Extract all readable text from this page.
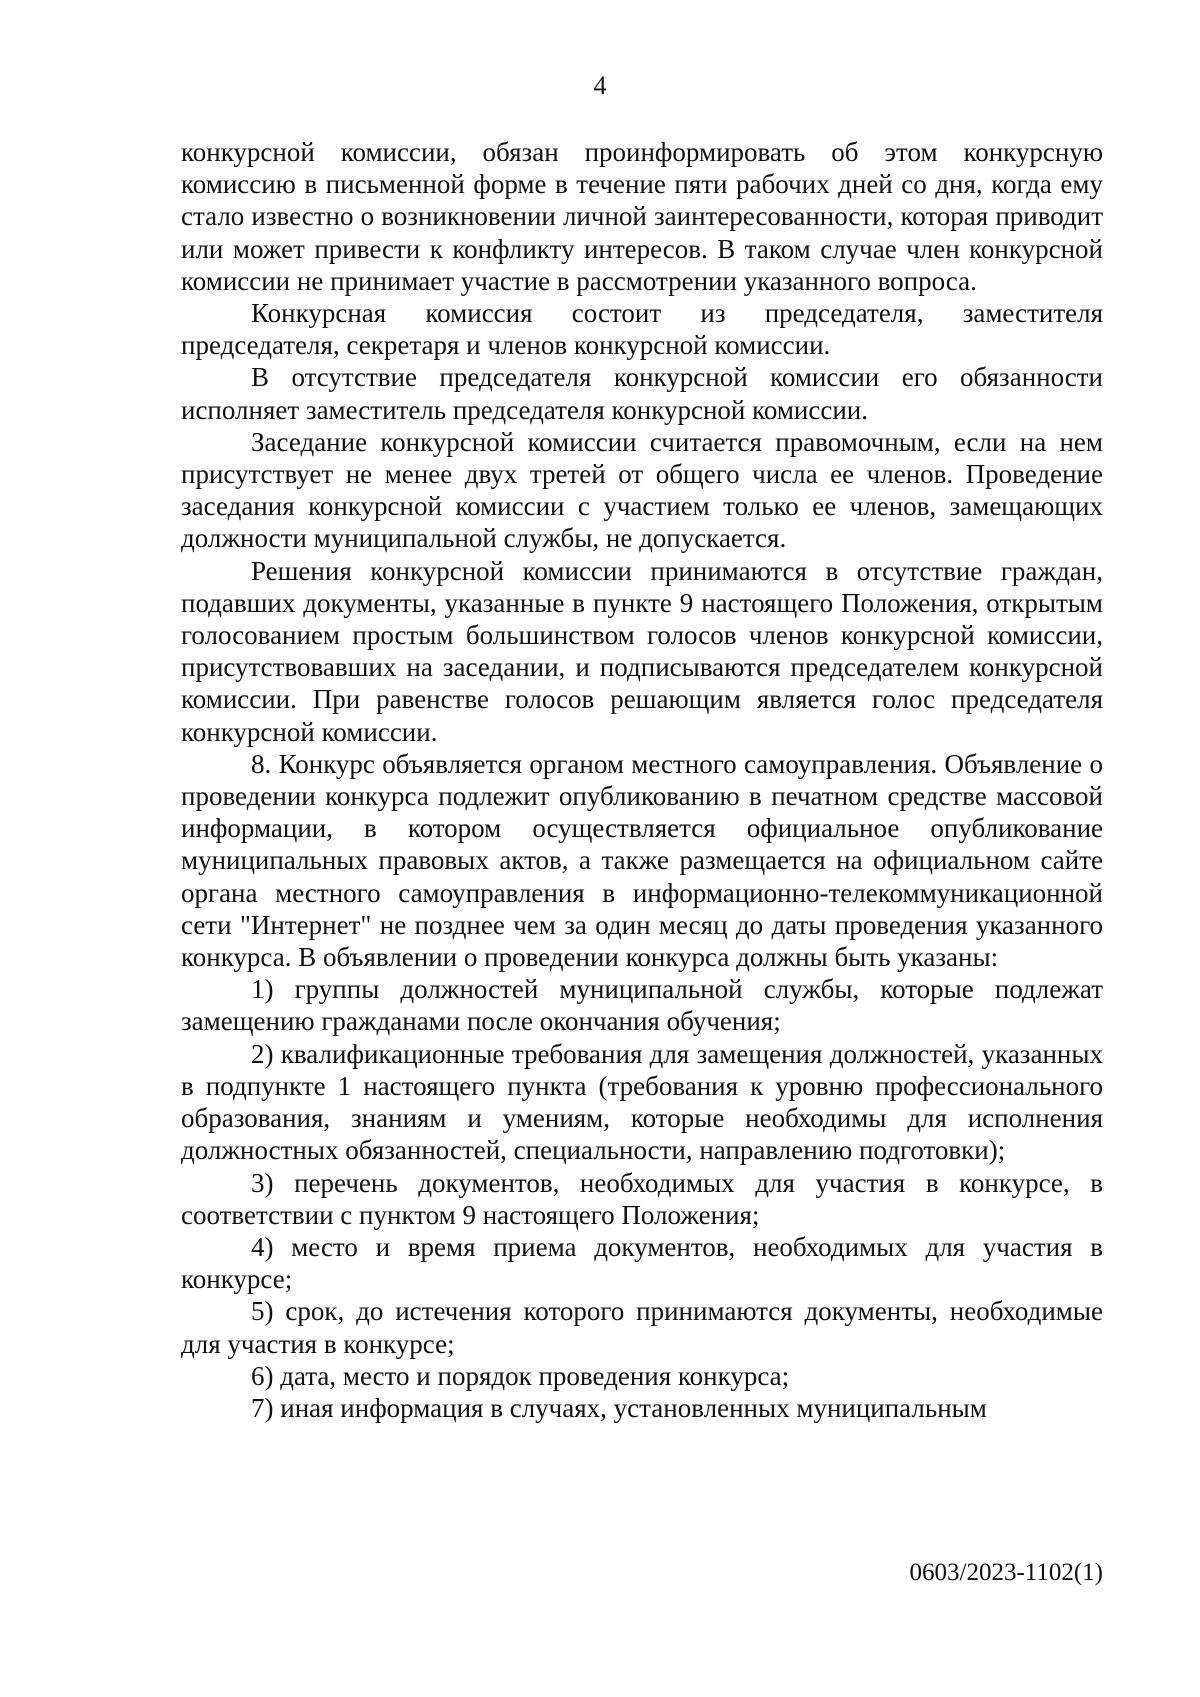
4

конкурсной комиссии, обязан проинформировать об этом конкурсную комиссию в письменной форме в течение пяти рабочих дней со дня, когда ему стало известно о возникновении личной заинтересованности, которая приводит или может привести к конфликту интересов. В таком случае член конкурсной комиссии не принимает участие в рассмотрении указанного вопроса.

Конкурсная комиссия состоит из председателя, заместителя председателя, секретаря и членов конкурсной комиссии.

В отсутствие председателя конкурсной комиссии его обязанности исполняет заместитель председателя конкурсной комиссии.

Заседание конкурсной комиссии считается правомочным, если на нем присутствует не менее двух третей от общего числа ее членов. Проведение заседания конкурсной комиссии с участием только ее членов, замещающих должности муниципальной службы, не допускается.

Решения конкурсной комиссии принимаются в отсутствие граждан, подавших документы, указанные в пункте 9 настоящего Положения, открытым голосованием простым большинством голосов членов конкурсной комиссии, присутствовавших на заседании, и подписываются председателем конкурсной комиссии. При равенстве голосов решающим является голос председателя конкурсной комиссии.

8. Конкурс объявляется органом местного самоуправления. Объявление о проведении конкурса подлежит опубликованию в печатном средстве массовой информации, в котором осуществляется официальное опубликование муниципальных правовых актов, а также размещается на официальном сайте органа местного самоуправления в информационно-телекоммуникационной сети "Интернет" не позднее чем за один месяц до даты проведения указанного конкурса. В объявлении о проведении конкурса должны быть указаны:

1) группы должностей муниципальной службы, которые подлежат замещению гражданами после окончания обучения;

2) квалификационные требования для замещения должностей, указанных в подпункте 1 настоящего пункта (требования к уровню профессионального образования, знаниям и умениям, которые необходимы для исполнения должностных обязанностей, специальности, направлению подготовки);

3) перечень документов, необходимых для участия в конкурсе, в соответствии с пунктом 9 настоящего Положения;

4) место и время приема документов, необходимых для участия в конкурсе;

5) срок, до истечения которого принимаются документы, необходимые для участия в конкурсе;

6) дата, место и порядок проведения конкурса;

7) иная информация в случаях, установленных муниципальным

0603/2023-1102(1)
